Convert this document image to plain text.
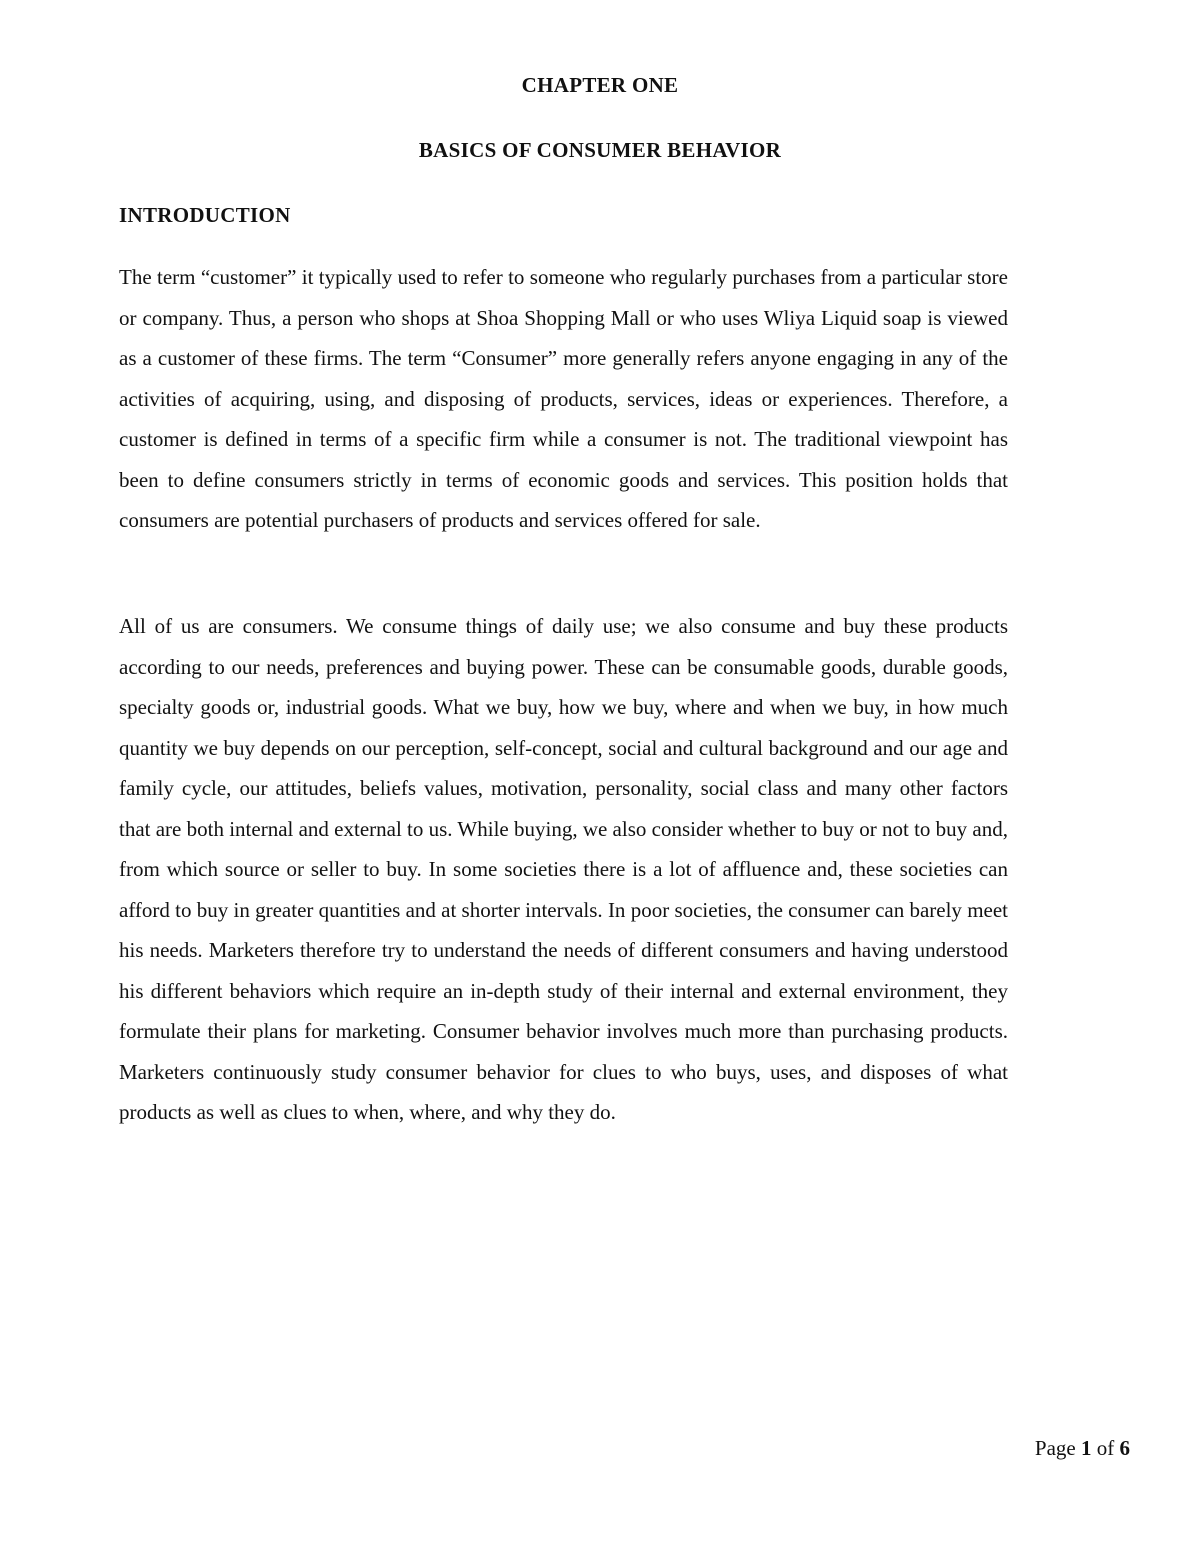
CHAPTER ONE
BASICS OF CONSUMER BEHAVIOR
INTRODUCTION

The term “customer” it typically used to refer to someone who regularly purchases from a particular store or company. Thus, a person who shops at Shoa Shopping Mall or who uses Wliya Liquid soap is viewed as a customer of these firms. The term “Consumer” more generally refers anyone engaging in any of the activities of acquiring, using, and disposing of products, services, ideas or experiences. Therefore, a customer is defined in terms of a specific firm while a consumer is not. The traditional viewpoint has been to define consumers strictly in terms of economic goods and services. This position holds that consumers are potential purchasers of products and services offered for sale.

All of us are consumers. We consume things of daily use; we also consume and buy these products according to our needs, preferences and buying power. These can be consumable goods, durable goods, specialty goods or, industrial goods. What we buy, how we buy, where and when we buy, in how much quantity we buy depends on our perception, self-concept, social and cultural background and our age and family cycle, our attitudes, beliefs values, motivation, personality, social class and many other factors that are both internal and external to us. While buying, we also consider whether to buy or not to buy and, from which source or seller to buy. In some societies there is a lot of affluence and, these societies can afford to buy in greater quantities and at shorter intervals. In poor societies, the consumer can barely meet his needs. Marketers therefore try to understand the needs of different consumers and having understood his different behaviors which require an in-depth study of their internal and external environment, they formulate their plans for marketing. Consumer behavior involves much more than purchasing products. Marketers continuously study consumer behavior for clues to who buys, uses, and disposes of what products as well as clues to when, where, and why they do.

Page 1 of 6
